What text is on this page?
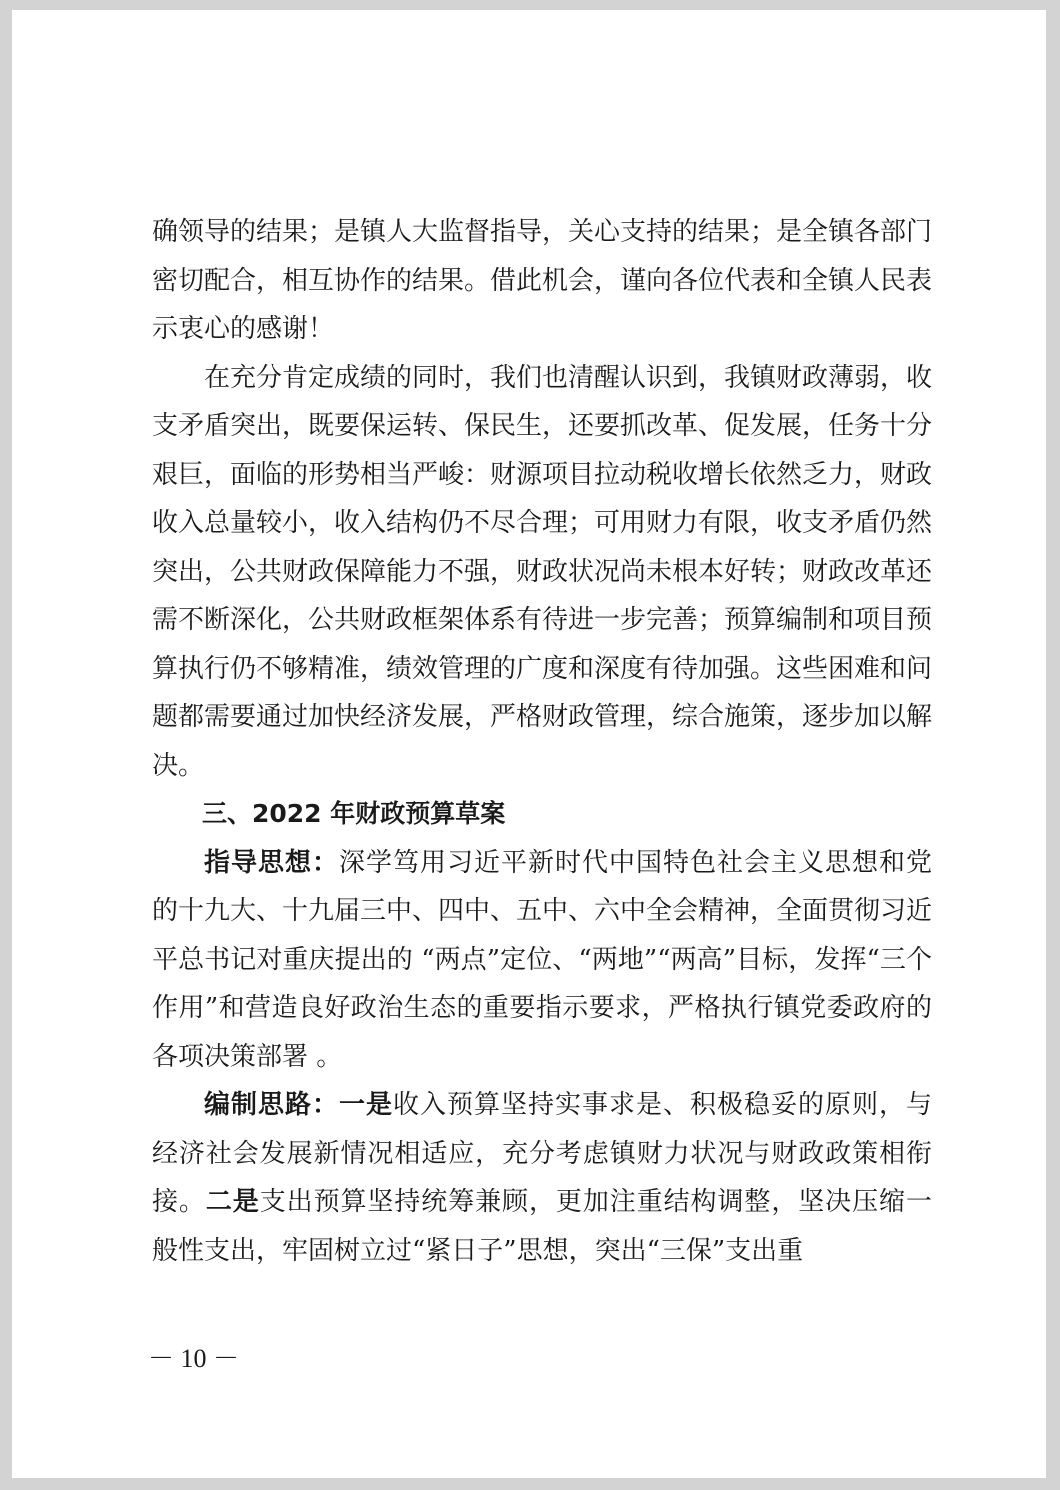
确领导的结果；是镇人大监督指导，关心支持的结果；是全镇各部门密切配合，相互协作的结果。借此机会，谨向各位代表和全镇人民表示衷心的感谢！

在充分肯定成绩的同时，我们也清醒认识到，我镇财政薄弱，收支矛盾突出，既要保运转、保民生，还要抓改革、促发展，任务十分艰巨，面临的形势相当严峻：财源项目拉动税收增长依然乏力，财政收入总量较小，收入结构仍不尽合理；可用财力有限，收支矛盾仍然突出，公共财政保障能力不强，财政状况尚未根本好转；财政改革还需不断深化，公共财政框架体系有待进一步完善；预算编制和项目预算执行仍不够精准，绩效管理的广度和深度有待加强。这些困难和问题都需要通过加快经济发展，严格财政管理，综合施策，逐步加以解决。

三、2022 年财政预算草案

指导思想：深学笃用习近平新时代中国特色社会主义思想和党的十九大、十九届三中、四中、五中、六中全会精神，全面贯彻习近平总书记对重庆提出的 “两点”定位、“两地”“两高”目标，发挥“三个作用”和营造良好政治生态的重要指示要求，严格执行镇党委政府的各项决策部署 。

编制思路：一是收入预算坚持实事求是、积极稳妥的原则，与经济社会发展新情况相适应，充分考虑镇财力状况与财政政策相衔接。二是支出预算坚持统筹兼顾，更加注重结构调整，坚决压缩一般性支出，牢固树立过“紧日子”思想，突出“三保”支出重

－ 10 －
